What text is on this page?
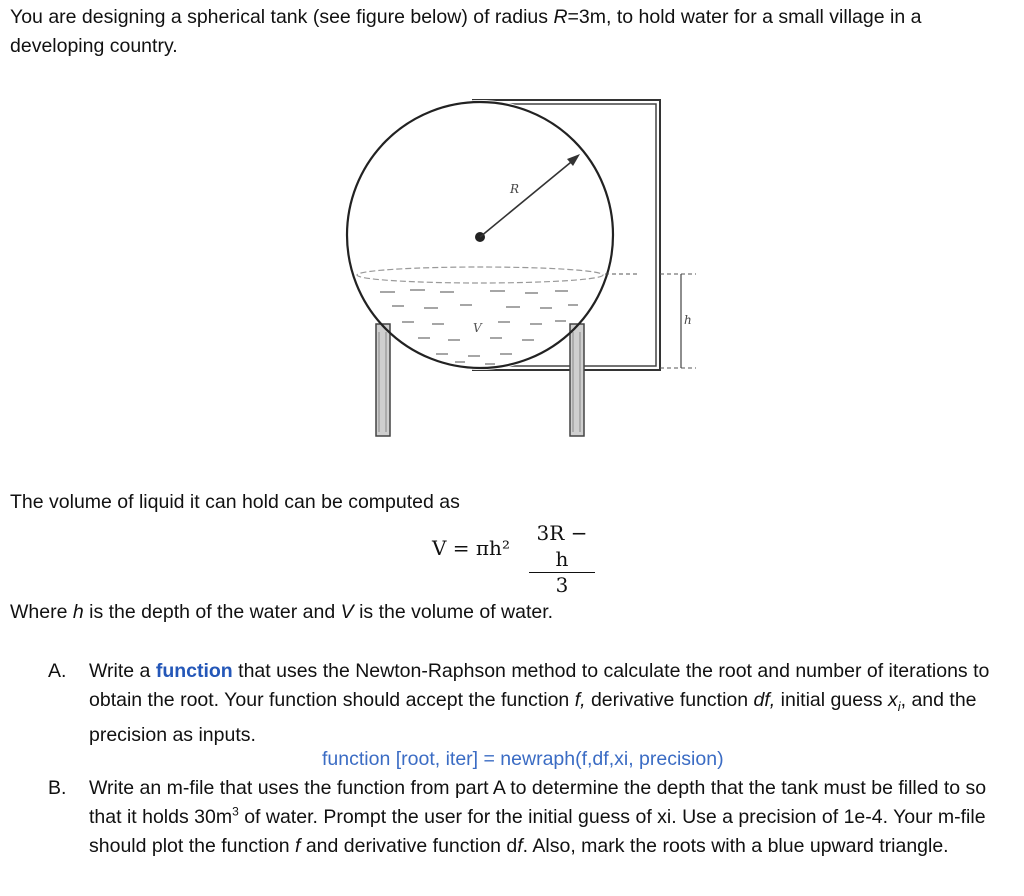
You are designing a spherical tank (see figure below) of radius R=3m, to hold water for a small village in a
developing country.
R
V
h
The volume of liquid it can hold can be computed as
V = πh²
3R − h
3
Where h is the depth of the water and V is the volume of water.
A. Write a function that uses the Newton-Raphson method to calculate the root and number of iterations to obtain the root. Your function should accept the function f, derivative function df, initial guess $x_i$, and the precision as inputs.
function [root, iter] = newraph(f,df,xi, precision)
B. Write an m-file that uses the function from part A to determine the depth that the tank must be filled to so that it holds $30m^3$ of water. Prompt the user for the initial guess of xi. Use a precision of 1e-4. Your m-file should plot the function f and derivative function df. Also, mark the roots with a blue upward triangle.
